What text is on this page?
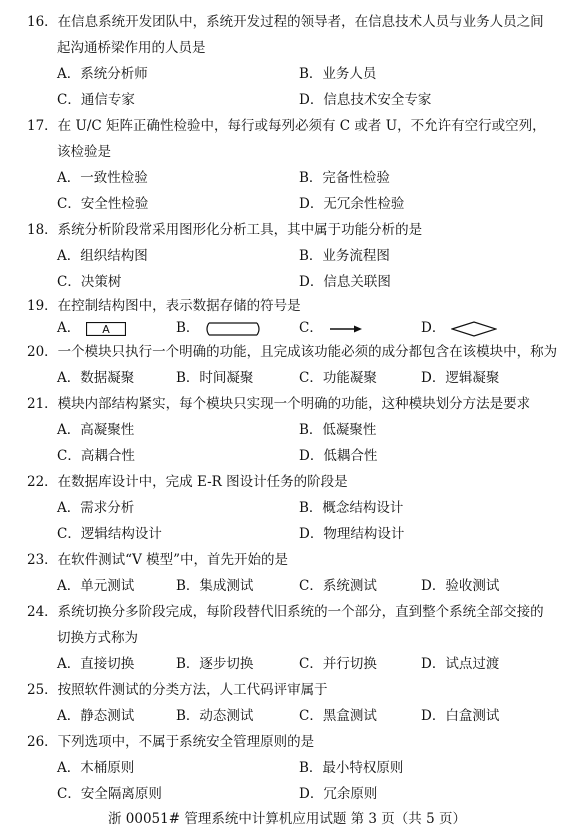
16．在信息系统开发团队中，系统开发过程的领导者，在信息技术人员与业务人员之间
起沟通桥梁作用的人员是
A．系统分析师	B．业务人员
C．通信专家	D．信息技术安全专家
17．在 U/C 矩阵正确性检验中，每行或每列必须有 C 或者 U，不允许有空行或空列，
该检验是
A．一致性检验	B．完备性检验
C．安全性检验	D．无冗余性检验
18．系统分析阶段常采用图形化分析工具，其中属于功能分析的是
A．组织结构图	B．业务流程图
C．决策树	D．信息关联图
19．在控制结构图中，表示数据存储的符号是
A． A	B．	C．	D．
20．一个模块只执行一个明确的功能，且完成该功能必须的成分都包含在该模块中，称为
A．数据凝聚	B．时间凝聚	C．功能凝聚	D．逻辑凝聚
21．模块内部结构紧实，每个模块只实现一个明确的功能，这种模块划分方法是要求
A．高凝聚性	B．低凝聚性
C．高耦合性	D．低耦合性
22．在数据库设计中，完成 E-R 图设计任务的阶段是
A．需求分析	B．概念结构设计
C．逻辑结构设计	D．物理结构设计
23．在软件测试“V 模型”中，首先开始的是
A．单元测试	B．集成测试	C．系统测试	D．验收测试
24．系统切换分多阶段完成，每阶段替代旧系统的一个部分，直到整个系统全部交接的
切换方式称为
A．直接切换	B．逐步切换	C．并行切换	D．试点过渡
25．按照软件测试的分类方法，人工代码评审属于
A．静态测试	B．动态测试	C．黑盒测试	D．白盒测试
26．下列选项中，不属于系统安全管理原则的是
A．木桶原则	B．最小特权原则
C．安全隔离原则	D．冗余原则
浙 00051# 管理系统中计算机应用试题 第 3 页（共 5 页）
